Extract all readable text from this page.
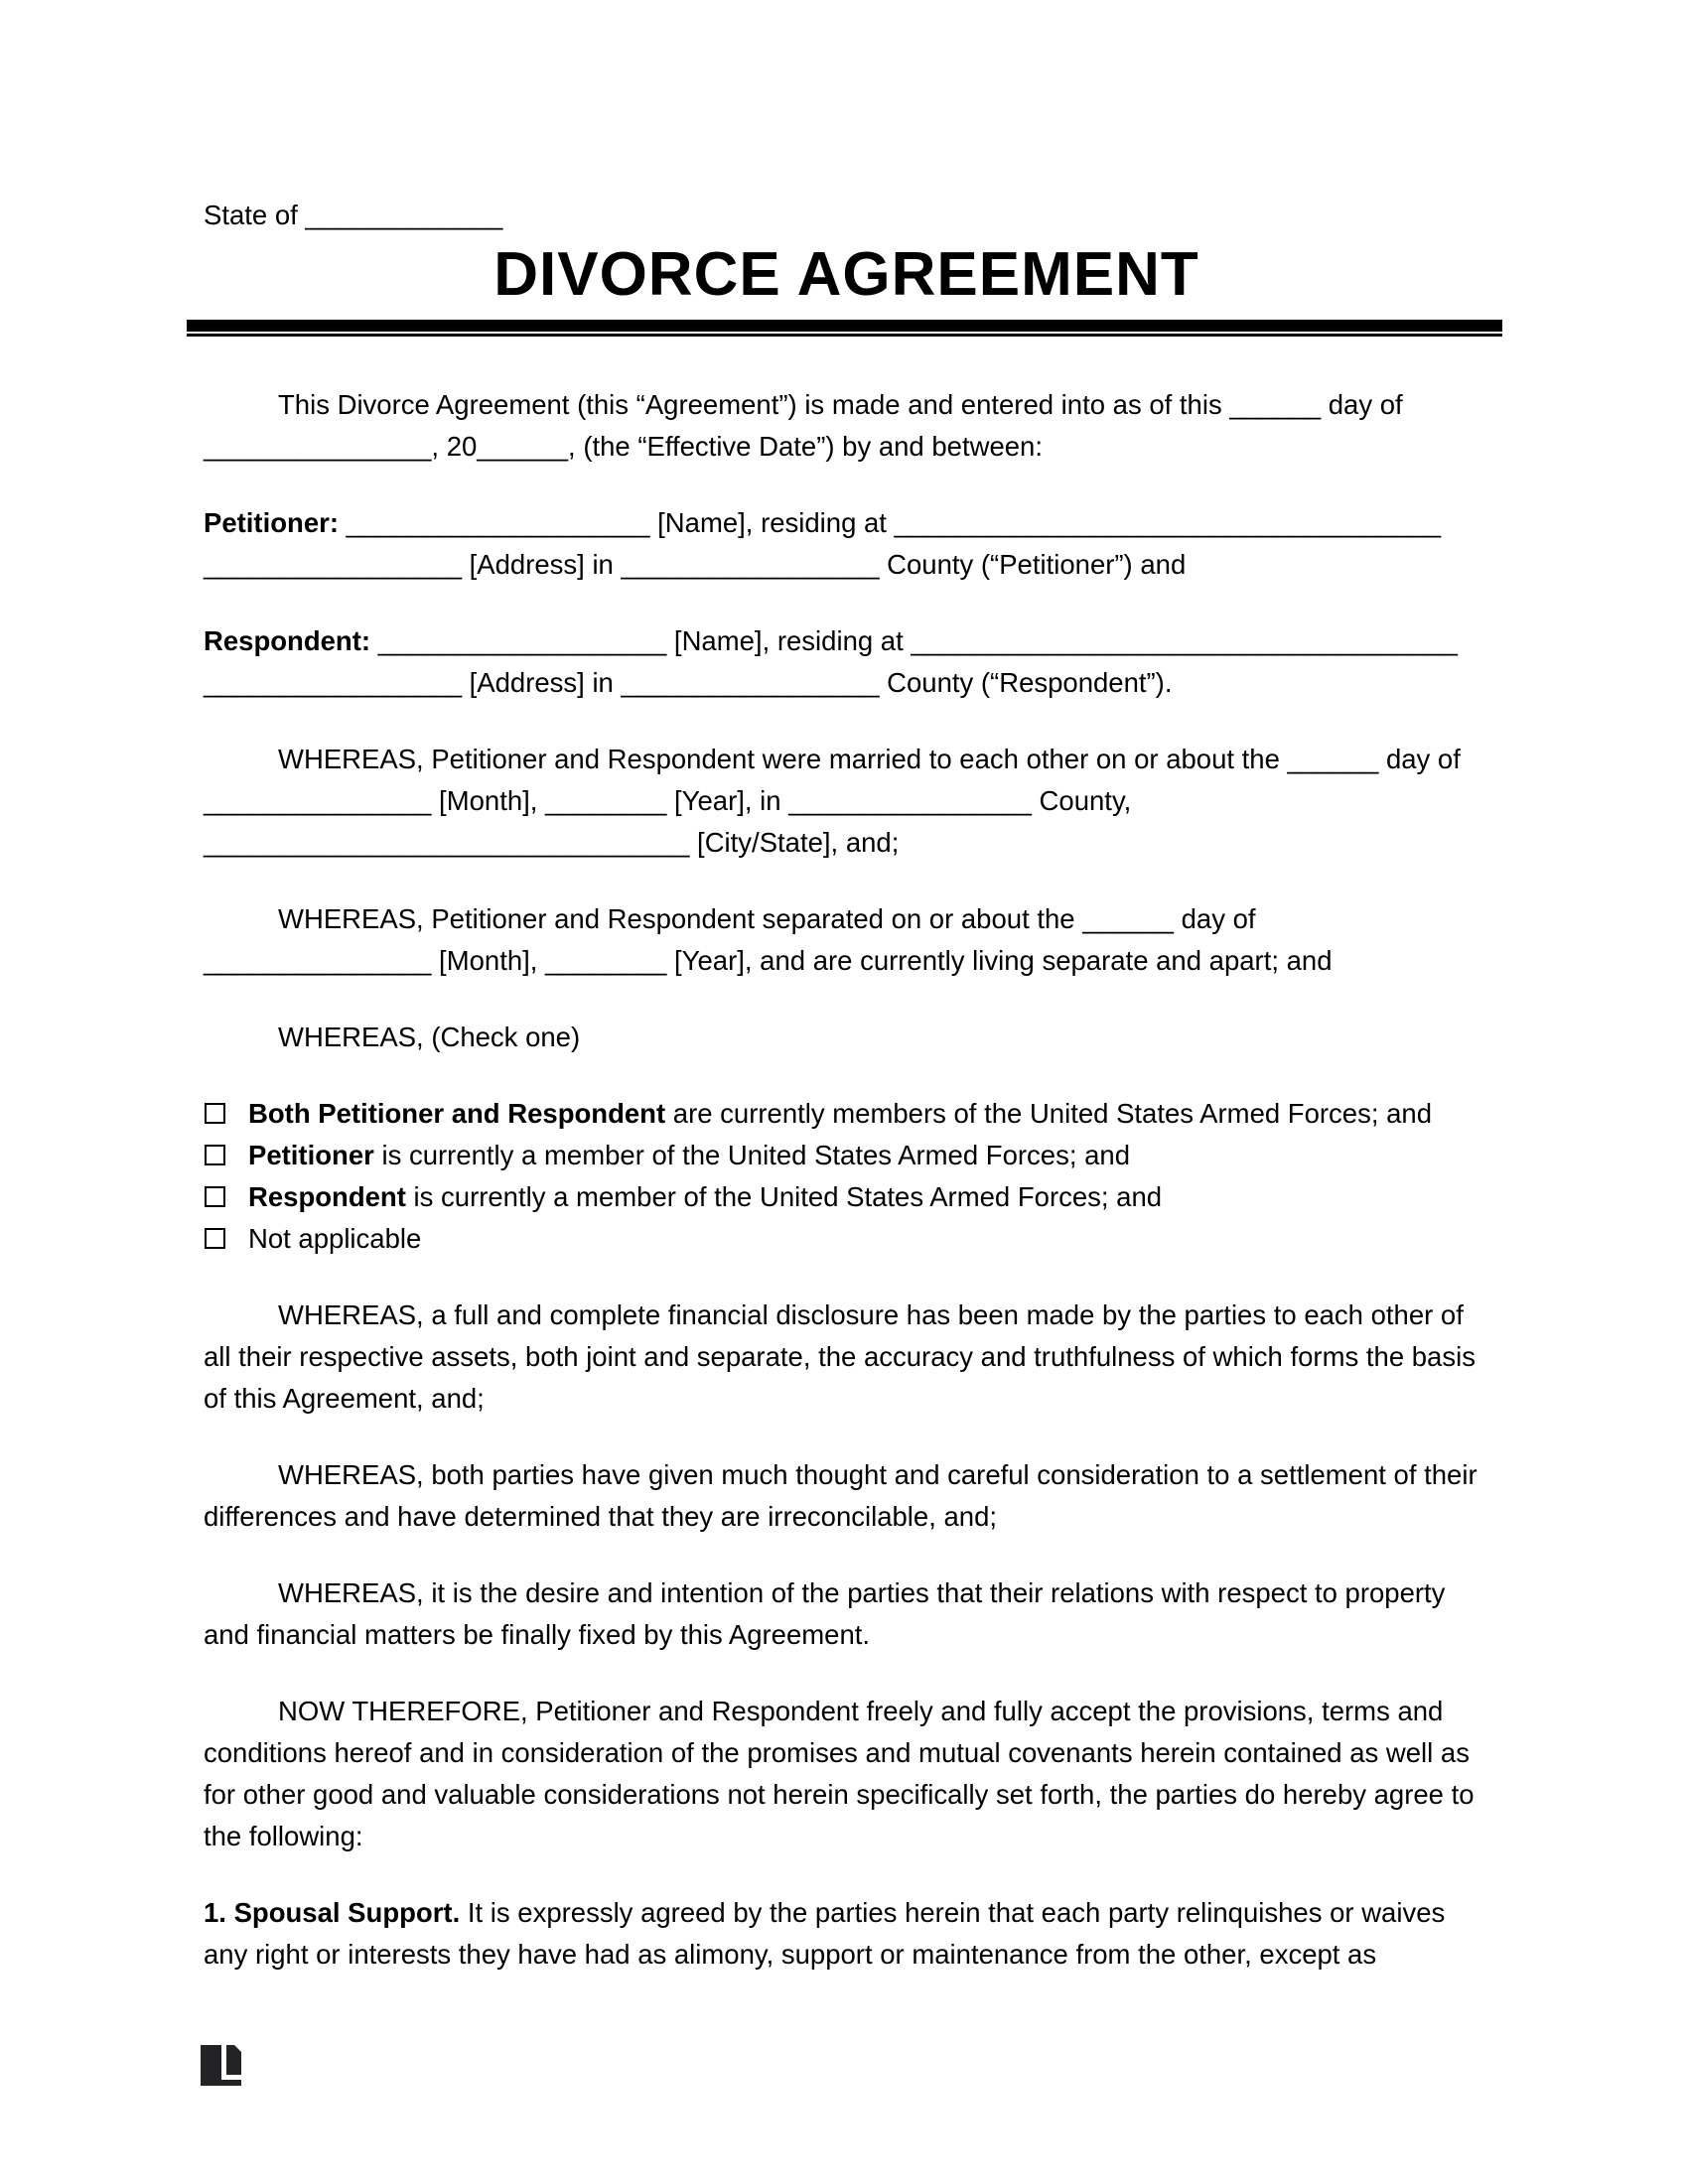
State of _____________
DIVORCE AGREEMENT
This Divorce Agreement (this “Agreement”) is made and entered into as of this ______ day of
_______________, 20______, (the “Effective Date”) by and between:
Petitioner: ____________________ [Name], residing at ____________________________________
_________________ [Address] in _________________ County (“Petitioner”) and
Respondent: ___________________ [Name], residing at ____________________________________
_________________ [Address] in _________________ County (“Respondent”).
WHEREAS, Petitioner and Respondent were married to each other on or about the ______ day of
_______________ [Month], ________ [Year], in ________________ County,
________________________________ [City/State], and;
WHEREAS, Petitioner and Respondent separated on or about the ______ day of
_______________ [Month], ________ [Year], and are currently living separate and apart; and
WHEREAS, (Check one)
Both Petitioner and Respondent are currently members of the United States Armed Forces; and
Petitioner is currently a member of the United States Armed Forces; and
Respondent is currently a member of the United States Armed Forces; and
Not applicable
WHEREAS, a full and complete financial disclosure has been made by the parties to each other of
all their respective assets, both joint and separate, the accuracy and truthfulness of which forms the basis
of this Agreement, and;
WHEREAS, both parties have given much thought and careful consideration to a settlement of their
differences and have determined that they are irreconcilable, and;
WHEREAS, it is the desire and intention of the parties that their relations with respect to property
and financial matters be finally fixed by this Agreement.
NOW THEREFORE, Petitioner and Respondent freely and fully accept the provisions, terms and
conditions hereof and in consideration of the promises and mutual covenants herein contained as well as
for other good and valuable considerations not herein specifically set forth, the parties do hereby agree to
the following:
1. Spousal Support. It is expressly agreed by the parties herein that each party relinquishes or waives
any right or interests they have had as alimony, support or maintenance from the other, except as
